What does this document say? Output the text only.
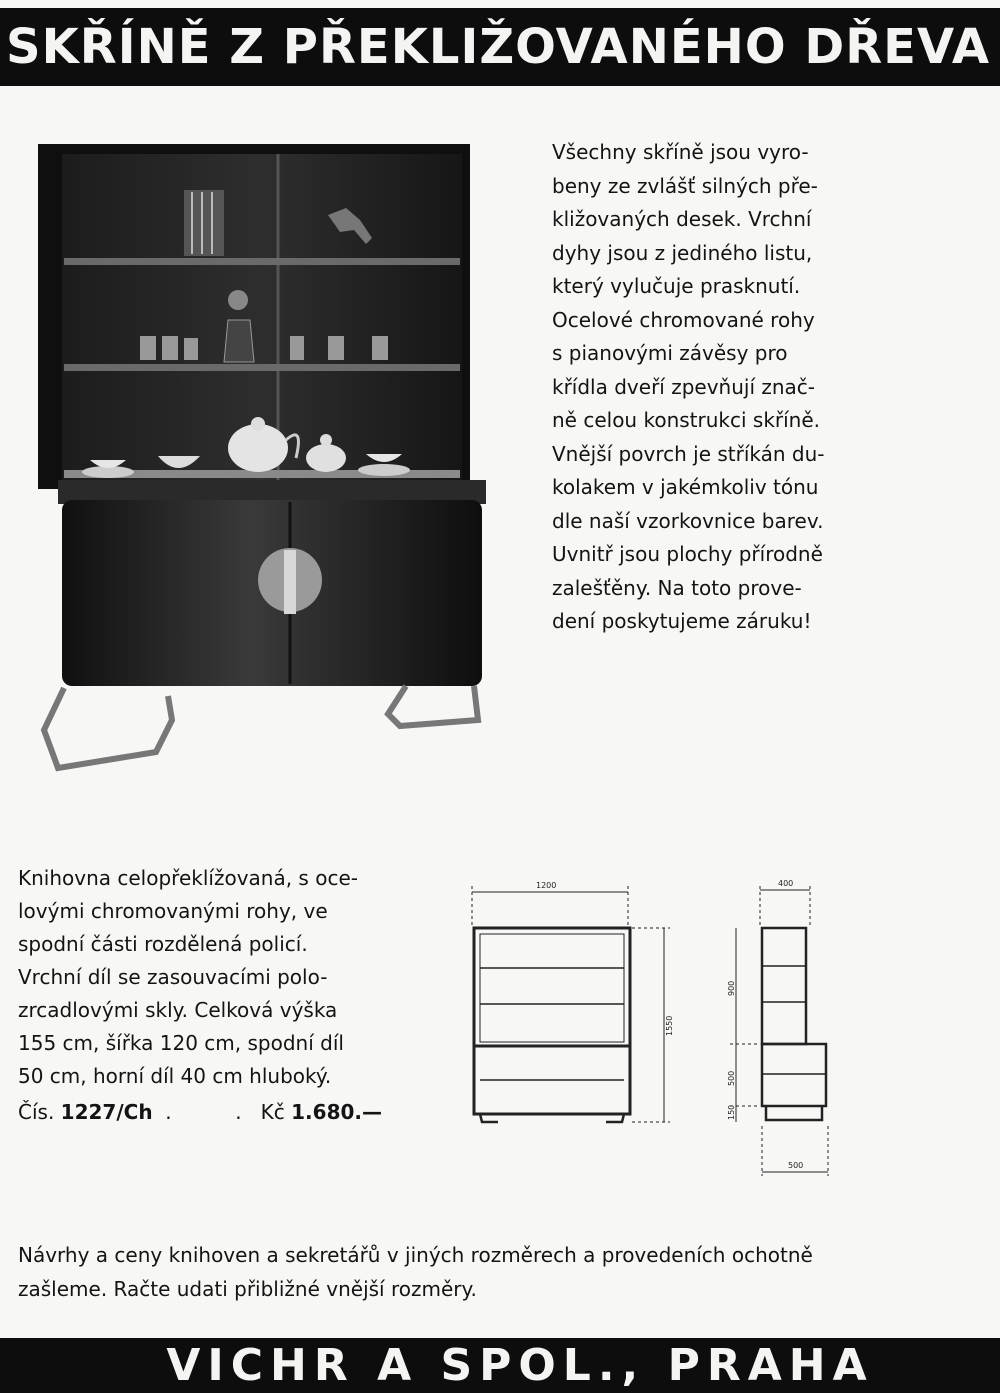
SKŘÍNĚ Z PŘEKLIŽOVANÉHO DŘEVA

Všechny skříně jsou vyro-
beny ze zvlášť silných pře-
kližovaných desek. Vrchní
dyhy jsou z jediného listu,
který vylučuje prasknutí.
Ocelové chromované rohy
s pianovými závěsy pro
křídla dveří zpevňují znač-
ně celou konstrukci skříně.
Vnější povrch je stříkán du-
kolakem v jakémkoliv tónu
dle naší vzorkovnice barev.
Uvnitř jsou plochy přírodně
zalešťěny. Na toto prove-
dení poskytujeme záruku!

Knihovna celopřeklížovaná, s oce-
lovými chromovanými rohy, ve
spodní části rozdělená policí.
Vrchní díl se zasouvacími polo-
zrcadlovými skly. Celková výška
155 cm, šířka 120 cm, spodní díl
50 cm, horní díl 40 cm hluboký.

Čís. 1227/Ch  .	.   Kč 1.680.—
1200
1550
400
900
500
150
500

Návrhy a ceny knihoven a sekretářů v jiných rozměrech a provedeních ochotně
zašleme. Račte udati přibližné vnější rozměry.

VICHR A SPOL., PRAHA
